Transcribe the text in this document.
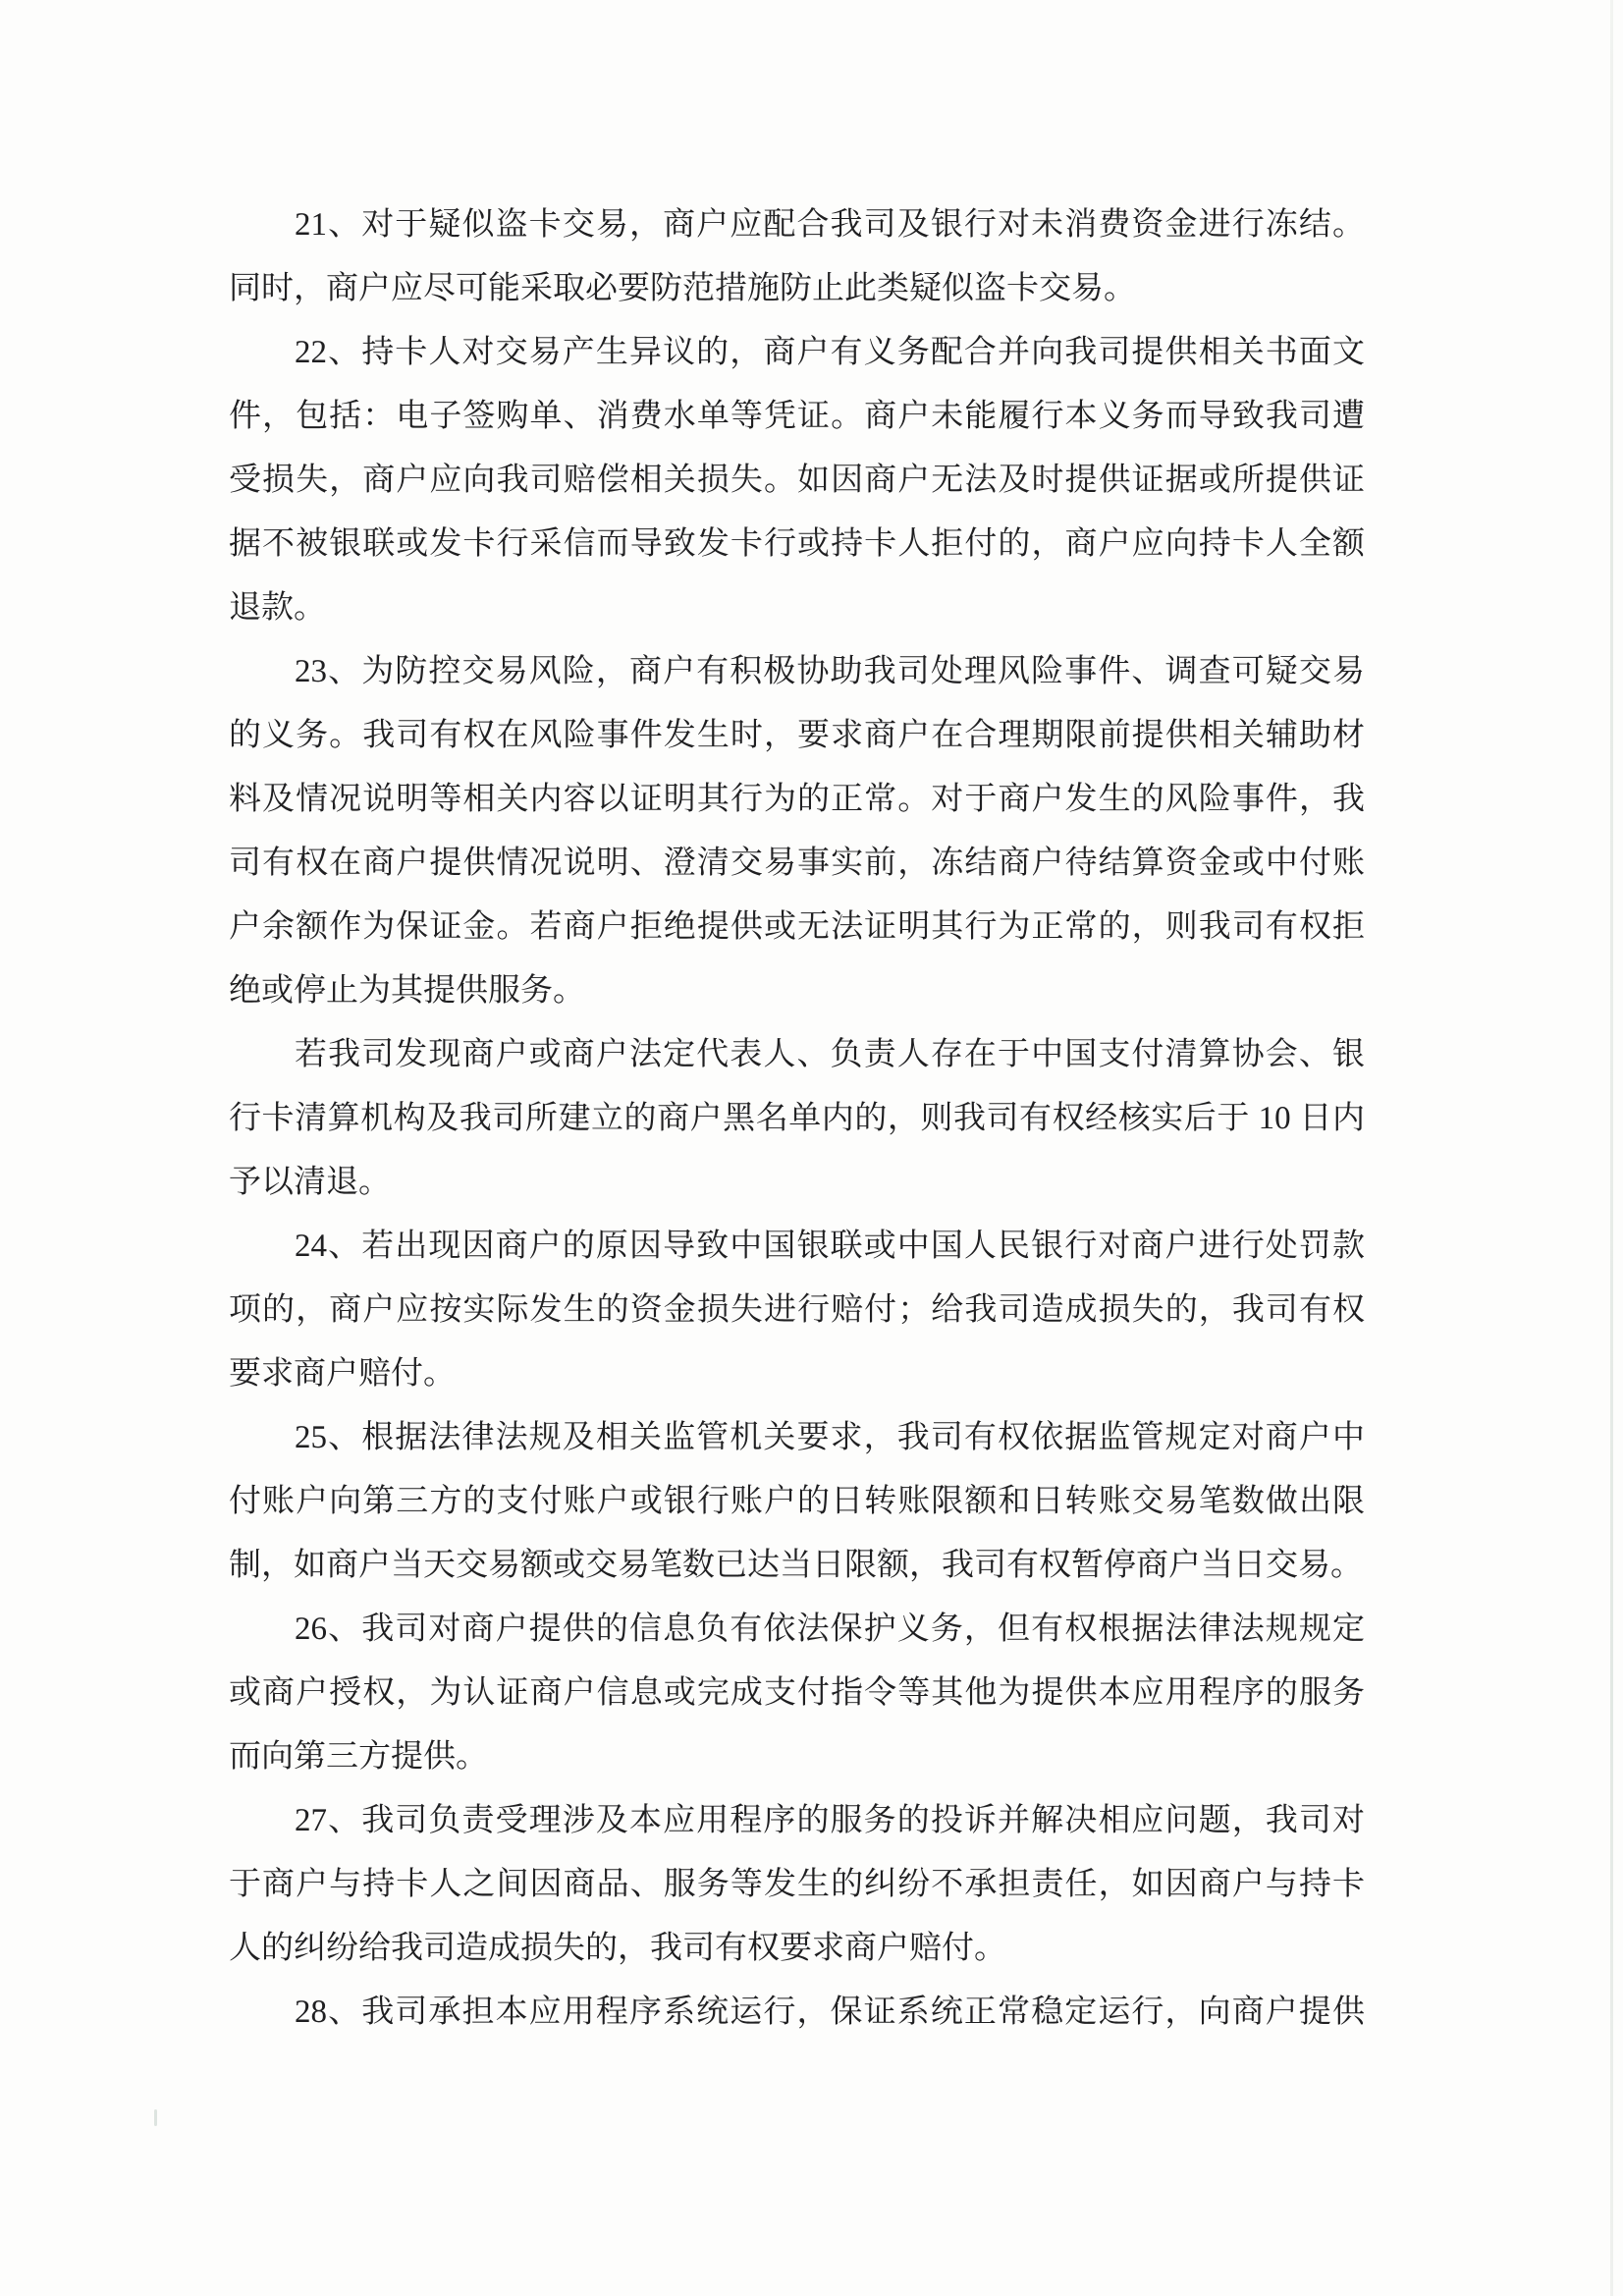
21、对于疑似盗卡交易，商户应配合我司及银行对未消费资金进行冻结。
同时，商户应尽可能采取必要防范措施防止此类疑似盗卡交易。

22、持卡人对交易产生异议的，商户有义务配合并向我司提供相关书面文
件，包括：电子签购单、消费水单等凭证。商户未能履行本义务而导致我司遭
受损失，商户应向我司赔偿相关损失。如因商户无法及时提供证据或所提供证
据不被银联或发卡行采信而导致发卡行或持卡人拒付的，商户应向持卡人全额
退款。

23、为防控交易风险，商户有积极协助我司处理风险事件、调查可疑交易
的义务。我司有权在风险事件发生时，要求商户在合理期限前提供相关辅助材
料及情况说明等相关内容以证明其行为的正常。对于商户发生的风险事件，我
司有权在商户提供情况说明、澄清交易事实前，冻结商户待结算资金或中付账
户余额作为保证金。若商户拒绝提供或无法证明其行为正常的，则我司有权拒
绝或停止为其提供服务。

若我司发现商户或商户法定代表人、负责人存在于中国支付清算协会、银
行卡清算机构及我司所建立的商户黑名单内的，则我司有权经核实后于 10 日内
予以清退。

24、若出现因商户的原因导致中国银联或中国人民银行对商户进行处罚款
项的，商户应按实际发生的资金损失进行赔付；给我司造成损失的，我司有权
要求商户赔付。

25、根据法律法规及相关监管机关要求，我司有权依据监管规定对商户中
付账户向第三方的支付账户或银行账户的日转账限额和日转账交易笔数做出限
制，如商户当天交易额或交易笔数已达当日限额，我司有权暂停商户当日交易。

26、我司对商户提供的信息负有依法保护义务，但有权根据法律法规规定
或商户授权，为认证商户信息或完成支付指令等其他为提供本应用程序的服务
而向第三方提供。

27、我司负责受理涉及本应用程序的服务的投诉并解决相应问题，我司对
于商户与持卡人之间因商品、服务等发生的纠纷不承担责任，如因商户与持卡
人的纠纷给我司造成损失的，我司有权要求商户赔付。

28、我司承担本应用程序系统运行，保证系统正常稳定运行，向商户提供
